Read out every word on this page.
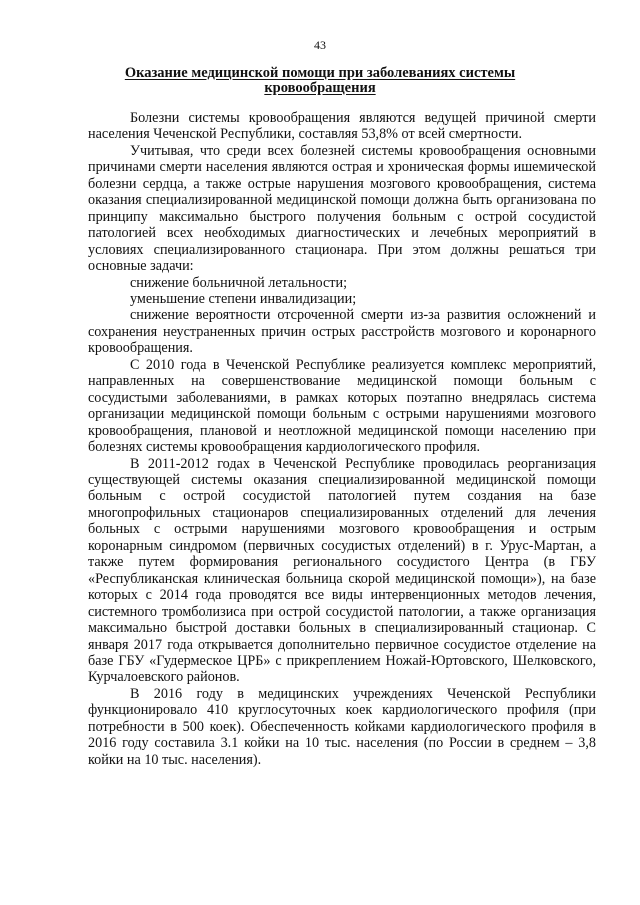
43
Оказание медицинской помощи при заболеваниях системы кровообращения

Болезни системы кровообращения являются ведущей причиной смерти населения Чеченской Республики, составляя 53,8% от всей смертности.

Учитывая, что среди всех болезней системы кровообращения основными причинами смерти населения являются острая и хроническая формы ишемической болезни сердца, а также острые нарушения мозгового кровообращения, система оказания специализированной медицинской помощи должна быть организована по принципу максимально быстрого получения больным с острой сосудистой патологией всех необходимых диагностических и лечебных мероприятий в условиях специализированного стационара. При этом должны решаться три основные задачи:

снижение больничной летальности;

уменьшение степени инвалидизации;

снижение вероятности отсроченной смерти из-за развития осложнений и сохранения неустраненных причин острых расстройств мозгового и коронарного кровообращения.

С 2010 года в Чеченской Республике реализуется комплекс мероприятий, направленных на совершенствование медицинской помощи больным с сосудистыми заболеваниями, в рамках которых поэтапно внедрялась система организации медицинской помощи больным с острыми нарушениями мозгового кровообращения, плановой и неотложной медицинской помощи населению при болезнях системы кровообращения кардиологического профиля.

В 2011-2012 годах в Чеченской Республике проводилась реорганизация существующей системы оказания специализированной медицинской помощи больным с острой сосудистой патологией путем создания на базе многопрофильных стационаров специализированных отделений для лечения больных с острыми нарушениями мозгового кровообращения и острым коронарным синдромом (первичных сосудистых отделений) в г. Урус-Мартан, а также путем формирования регионального сосудистого Центра (в ГБУ «Республиканская клиническая больница скорой медицинской помощи»), на базе которых с 2014 года проводятся все виды интервенционных методов лечения, системного тромболизиса при острой сосудистой патологии, а также организация максимально быстрой доставки больных в специализированный стационар. С января 2017 года открывается дополнительно первичное сосудистое отделение на базе ГБУ «Гудермеское ЦРБ» с прикреплением Ножай-Юртовского, Шелковского, Курчалоевского районов.

В 2016 году в медицинских учреждениях Чеченской Республики функционировало 410 круглосуточных коек кардиологического профиля (при потребности в 500 коек). Обеспеченность койками кардиологического профиля в 2016 году составила 3.1 койки на 10 тыс. населения (по России в среднем – 3,8 койки на 10 тыс. населения).
